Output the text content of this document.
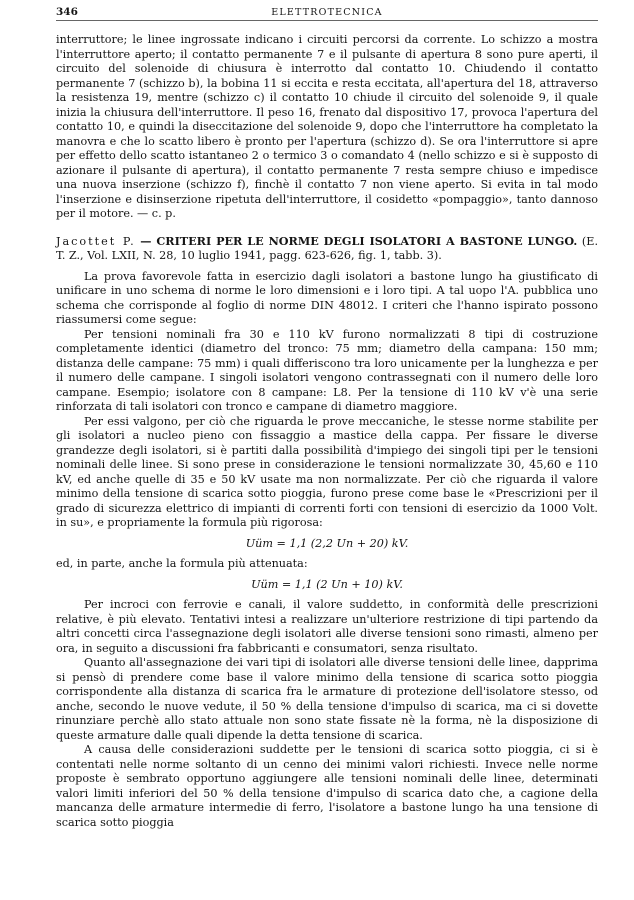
346	ELETTROTECNICA

interruttore; le linee ingrossate indicano i circuiti percorsi da corrente. Lo schizzo a mostra l'interruttore aperto; il contatto permanente 7 e il pulsante di apertura 8 sono pure aperti, il circuito del solenoide di chiusura è interrotto dal contatto 10. Chiudendo il contatto permanente 7 (schizzo b), la bobina 11 si eccita e resta eccitata, all'apertura del 18, attraverso la resistenza 19, mentre (schizzo c) il contatto 10 chiude il circuito del solenoide 9, il quale inizia la chiusura dell'interruttore. Il peso 16, frenato dal dispositivo 17, provoca l'apertura del contatto 10, e quindi la diseccitazione del solenoide 9, dopo che l'interruttore ha completato la manovra e che lo scatto libero è pronto per l'apertura (schizzo d). Se ora l'interruttore si apre per effetto dello scatto istantaneo 2 o termico 3 o comandato 4 (nello schizzo e si è supposto di azionare il pulsante di apertura), il contatto permanente 7 resta sempre chiuso e impedisce una nuova inserzione (schizzo f), finchè il contatto 7 non viene aperto. Si evita in tal modo l'inserzione e disinserzione ripetuta dell'interruttore, il cosidetto «pompaggio», tanto dannoso per il motore. — c. p.

Jacottet P. — CRITERI PER LE NORME DEGLI ISOLATORI A BASTONE LUNGO. (E. T. Z., Vol. LXII, N. 28, 10 luglio 1941, pagg. 623-626, fig. 1, tabb. 3).

La prova favorevole fatta in esercizio dagli isolatori a bastone lungo ha giustificato di unificare in uno schema di norme le loro dimensioni e i loro tipi. A tal uopo l'A. pubblica uno schema che corrisponde al foglio di norme DIN 48012. I criteri che l'hanno ispirato possono riassumersi come segue:

Per tensioni nominali fra 30 e 110 kV furono normalizzati 8 tipi di costruzione completamente identici (diametro del tronco: 75 mm; diametro della campana: 150 mm; distanza delle campane: 75 mm) i quali differiscono tra loro unicamente per la lunghezza e per il numero delle campane. I singoli isolatori vengono contrassegnati con il numero delle loro campane. Esempio; isolatore con 8 campane: L8. Per la tensione di 110 kV v'è una serie rinforzata di tali isolatori con tronco e campane di diametro maggiore.

Per essi valgono, per ciò che riguarda le prove meccaniche, le stesse norme stabilite per gli isolatori a nucleo pieno con fissaggio a mastice della cappa. Per fissare le diverse grandezze degli isolatori, si è partiti dalla possibilità d'impiego dei singoli tipi per le tensioni nominali delle linee. Si sono prese in considerazione le tensioni normalizzate 30, 45,60 e 110 kV, ed anche quelle di 35 e 50 kV usate ma non normalizzate. Per ciò che riguarda il valore minimo della tensione di scarica sotto pioggia, furono prese come base le «Prescrizioni per il grado di sicurezza elettrico di impianti di correnti forti con tensioni di esercizio da 1000 Volt. in su», e propriamente la formula più rigorosa:

Uüm = 1,1 (2,2 Un + 20) kV.

ed, in parte, anche la formula più attenuata:

Uüm = 1,1 (2 Un + 10) kV.

Per incroci con ferrovie e canali, il valore suddetto, in conformità delle prescrizioni relative, è più elevato. Tentativi intesi a realizzare un'ulteriore restrizione di tipi partendo da altri concetti circa l'assegnazione degli isolatori alle diverse tensioni sono rimasti, almeno per ora, in seguito a discussioni fra fabbricanti e consumatori, senza risultato.

Quanto all'assegnazione dei vari tipi di isolatori alle diverse tensioni delle linee, dapprima si pensò di prendere come base il valore minimo della tensione di scarica sotto pioggia corrispondente alla distanza di scarica fra le armature di protezione dell'isolatore stesso, od anche, secondo le nuove vedute, il 50 % della tensione d'impulso di scarica, ma ci si dovette rinunziare perchè allo stato attuale non sono state fissate nè la forma, nè la disposizione di queste armature dalle quali dipende la detta tensione di scarica.

A causa delle considerazioni suddette per le tensioni di scarica sotto pioggia, ci si è contentati nelle norme soltanto di un cenno dei minimi valori richiesti. Invece nelle norme proposte è sembrato opportuno aggiungere alle tensioni nominali delle linee, determinati valori limiti inferiori del 50 % della tensione d'impulso di scarica dato che, a cagione della mancanza delle armature intermedie di ferro, l'isolatore a bastone lungo ha una tensione di scarica sotto pioggia
